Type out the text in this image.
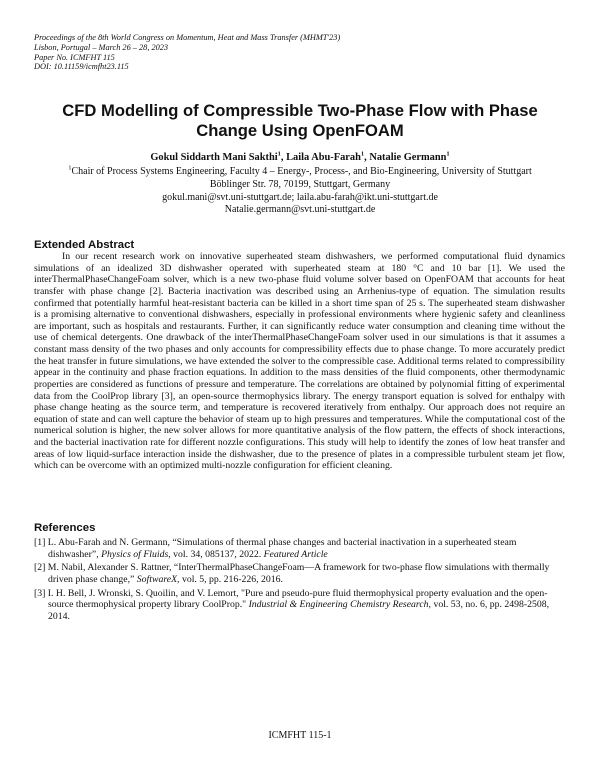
Proceedings of the 8th World Congress on Momentum, Heat and Mass Transfer (MHMT'23)
Lisbon, Portugal – March 26 – 28, 2023
Paper No. ICMFHT 115
DOI: 10.11159/icmfht23.115
CFD Modelling of Compressible Two-Phase Flow with Phase Change Using OpenFOAM
Gokul Siddarth Mani Sakthi$^1$, Laila Abu-Farah$^1$, Natalie Germann$^1$
$^1$Chair of Process Systems Engineering, Faculty 4 – Energy-, Process-, and Bio-Engineering, University of Stuttgart
Böblinger Str. 78, 70199, Stuttgart, Germany
gokul.mani@svt.uni-stuttgart.de; laila.abu-farah@ikt.uni-stuttgart.de
Natalie.germann@svt.uni-stuttgart.de
Extended Abstract

In our recent research work on innovative superheated steam dishwashers, we performed computational fluid dynamics simulations of an idealized 3D dishwasher operated with superheated steam at 180 °C and 10 bar [1]. We used the interThermalPhaseChangeFoam solver, which is a new two-phase fluid volume solver based on OpenFOAM that accounts for heat transfer with phase change [2]. Bacteria inactivation was described using an Arrhenius-type of equation. The simulation results confirmed that potentially harmful heat-resistant bacteria can be killed in a short time span of 25 s. The superheated steam dishwasher is a promising alternative to conventional dishwashers, especially in professional environments where hygienic safety and cleanliness are important, such as hospitals and restaurants. Further, it can significantly reduce water consumption and cleaning time without the use of chemical detergents. One drawback of the interThermalPhaseChangeFoam solver used in our simulations is that it assumes a constant mass density of the two phases and only accounts for compressibility effects due to phase change. To more accurately predict the heat transfer in future simulations, we have extended the solver to the compressible case. Additional terms related to compressibility appear in the continuity and phase fraction equations. In addition to the mass densities of the fluid components, other thermodynamic properties are considered as functions of pressure and temperature. The correlations are obtained by polynomial fitting of experimental data from the CoolProp library [3], an open-source thermophysics library. The energy transport equation is solved for enthalpy with phase change heating as the source term, and temperature is recovered iteratively from enthalpy. Our approach does not require an equation of state and can well capture the behavior of steam up to high pressures and temperatures. While the computational cost of the numerical solution is higher, the new solver allows for more quantitative analysis of the flow pattern, the effects of shock interactions, and the bacterial inactivation rate for different nozzle configurations. This study will help to identify the zones of low heat transfer and areas of low liquid-surface interaction inside the dishwasher, due to the presence of plates in a compressible turbulent steam jet flow, which can be overcome with an optimized multi-nozzle configuration for efficient cleaning.

References
[1] L. Abu-Farah and N. Germann, “Simulations of thermal phase changes and bacterial inactivation in a superheated steam dishwasher”, Physics of Fluids, vol. 34, 085137, 2022. Featured Article
[2] M. Nabil, Alexander S. Rattner, “InterThermalPhaseChangeFoam—A framework for two-phase flow simulations with thermally driven phase change,” SoftwareX, vol. 5, pp. 216-226, 2016.
[3] I. H. Bell, J. Wronski, S. Quoilin, and V. Lemort, "Pure and pseudo-pure fluid thermophysical property evaluation and the open-source thermophysical property library CoolProp." Industrial & Engineering Chemistry Research, vol. 53, no. 6, pp. 2498-2508, 2014.
ICMFHT 115-1
